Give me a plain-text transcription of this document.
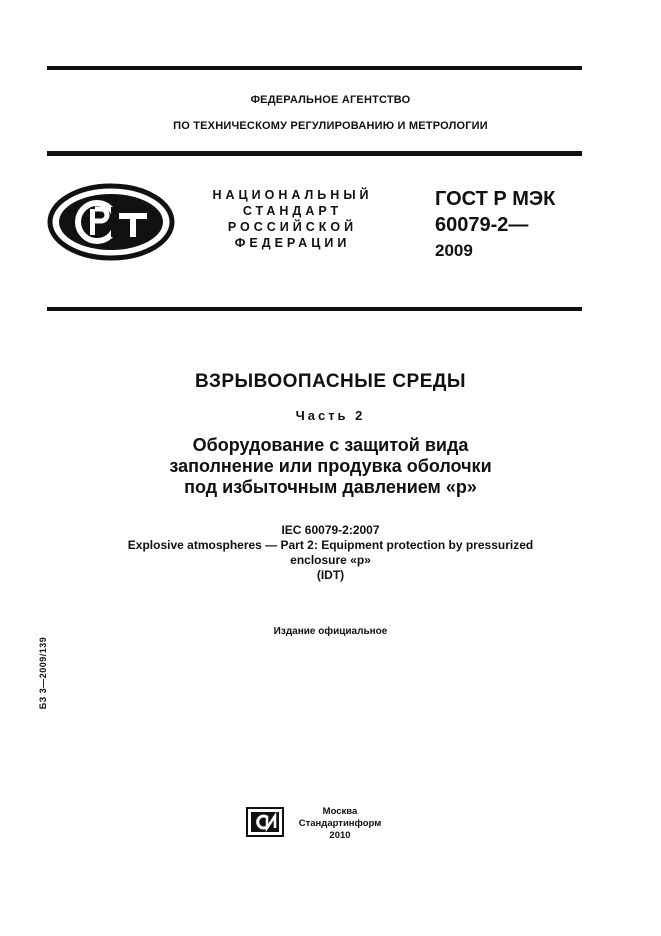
ФЕДЕРАЛЬНОЕ АГЕНТСТВО
ПО ТЕХНИЧЕСКОМУ РЕГУЛИРОВАНИЮ И МЕТРОЛОГИИ
НАЦИОНАЛЬНЫЙ
СТАНДАРТ
РОССИЙСКОЙ
ФЕДЕРАЦИИ
ГОСТ Р МЭК
60079-2—
2009
ВЗРЫВООПАСНЫЕ СРЕДЫ
Часть 2
Оборудование с защитой вида
заполнение или продувка оболочки
под избыточным давлением «р»
IEC 60079-2:2007
Explosive atmospheres — Part 2: Equipment protection by pressurized
enclosure «p»
(IDT)
Издание официальное
БЗ 3—2009/139
Москва
Стандартинформ
2010
